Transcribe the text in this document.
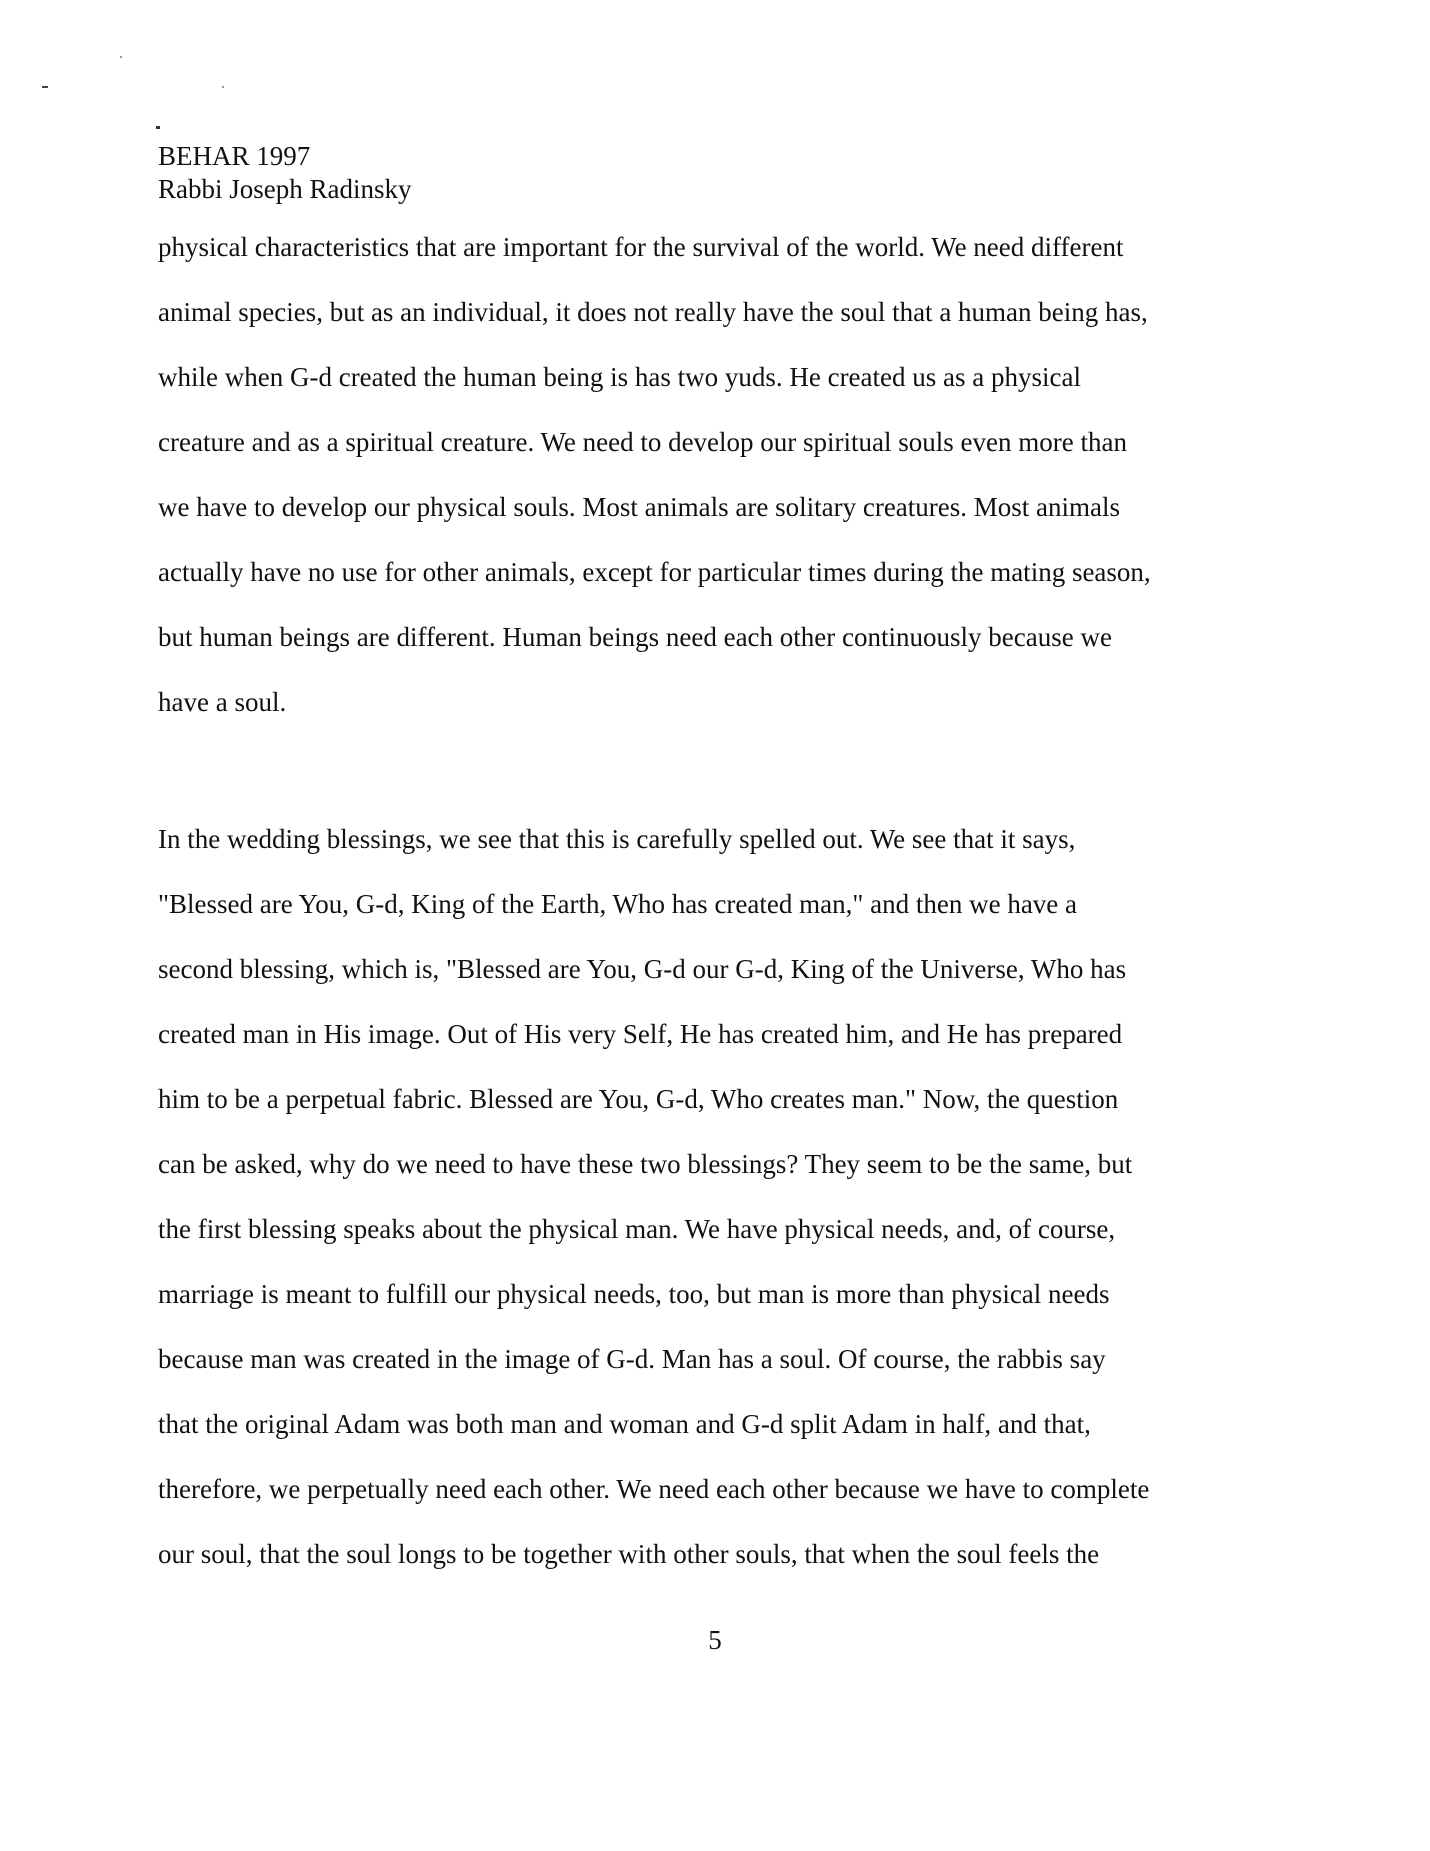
BEHAR 1997
Rabbi Joseph Radinsky
physical characteristics that are important for the survival of the world. We need different
animal species, but as an individual, it does not really have the soul that a human being has,
while when G-d created the human being is has two yuds. He created us as a physical
creature and as a spiritual creature. We need to develop our spiritual souls even more than
we have to develop our physical souls. Most animals are solitary creatures. Most animals
actually have no use for other animals, except for particular times during the mating season,
but human beings are different. Human beings need each other continuously because we
have a soul.
In the wedding blessings, we see that this is carefully spelled out. We see that it says,
"Blessed are You, G-d, King of the Earth, Who has created man," and then we have a
second blessing, which is, "Blessed are You, G-d our G-d, King of the Universe, Who has
created man in His image. Out of His very Self, He has created him, and He has prepared
him to be a perpetual fabric. Blessed are You, G-d, Who creates man." Now, the question
can be asked, why do we need to have these two blessings? They seem to be the same, but
the first blessing speaks about the physical man. We have physical needs, and, of course,
marriage is meant to fulfill our physical needs, too, but man is more than physical needs
because man was created in the image of G-d. Man has a soul. Of course, the rabbis say
that the original Adam was both man and woman and G-d split Adam in half, and that,
therefore, we perpetually need each other. We need each other because we have to complete
our soul, that the soul longs to be together with other souls, that when the soul feels the
5
